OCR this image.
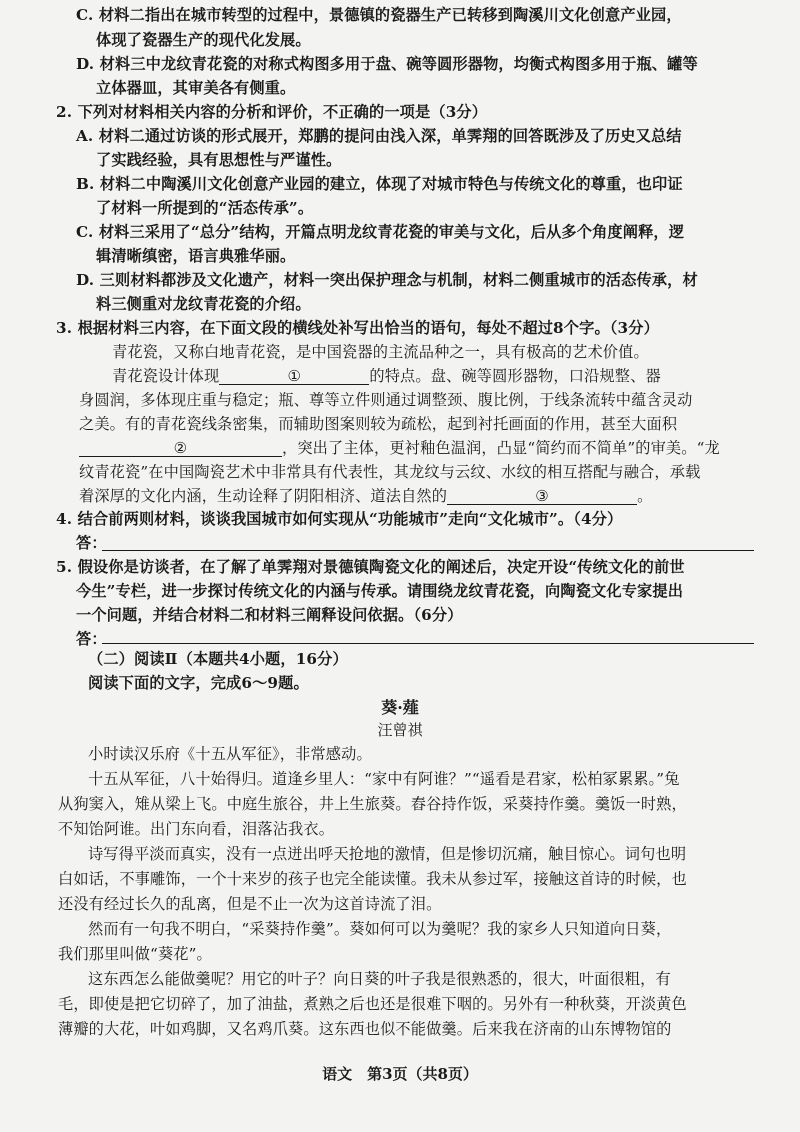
C. 材料二指出在城市转型的过程中，景德镇的瓷器生产已转移到陶溪川文化创意产业园，
体现了瓷器生产的现代化发展。
D. 材料三中龙纹青花瓷的对称式构图多用于盘、碗等圆形器物，均衡式构图多用于瓶、罐等
立体器皿，其审美各有侧重。
2. 下列对材料相关内容的分析和评价，不正确的一项是（3分）
A. 材料二通过访谈的形式展开，郑鹏的提问由浅入深，单霁翔的回答既涉及了历史又总结
了实践经验，具有思想性与严谨性。
B. 材料二中陶溪川文化创意产业园的建立，体现了对城市特色与传统文化的尊重，也印证
了材料一所提到的“活态传承”。
C. 材料三采用了“总分”结构，开篇点明龙纹青花瓷的审美与文化，后从多个角度阐释，逻
辑清晰缜密，语言典雅华丽。
D. 三则材料都涉及文化遗产，材料一突出保护理念与机制，材料二侧重城市的活态传承，材
料三侧重对龙纹青花瓷的介绍。
3. 根据材料三内容，在下面文段的横线处补写出恰当的语句，每处不超过8个字。（3分）
青花瓷，又称白地青花瓷，是中国瓷器的主流品种之一，具有极高的艺术价值。
青花瓷设计体现	①	的特点。盘、碗等圆形器物，口沿规整、器
身圆润，多体现庄重与稳定；瓶、尊等立件则通过调整颈、腹比例，于线条流转中蕴含灵动
之美。有的青花瓷线条密集，而辅助图案则较为疏松，起到衬托画面的作用，甚至大面积
②	，突出了主体，更衬釉色温润，凸显“简约而不简单”的审美。“龙
纹青花瓷”在中国陶瓷艺术中非常具有代表性，其龙纹与云纹、水纹的相互搭配与融合，承载
着深厚的文化内涵，生动诠释了阴阳相济、道法自然的	③	。
4. 结合前两则材料，谈谈我国城市如何实现从“功能城市”走向“文化城市”。（4分）
答：
5. 假设你是访谈者，在了解了单霁翔对景德镇陶瓷文化的阐述后，决定开设“传统文化的前世
今生”专栏，进一步探讨传统文化的内涵与传承。请围绕龙纹青花瓷，向陶瓷文化专家提出
一个问题，并结合材料二和材料三阐释设问依据。（6分）
答：
（二）阅读Ⅱ（本题共4小题，16分）
阅读下面的文字，完成6～9题。
葵·薤
汪曾祺
小时读汉乐府《十五从军征》，非常感动。
十五从军征，八十始得归。道逢乡里人：“家中有阿谁？”“遥看是君家，松柏冢累累。”兔
从狗窦入，雉从梁上飞。中庭生旅谷，井上生旅葵。舂谷持作饭，采葵持作羹。羹饭一时熟，
不知饴阿谁。出门东向看，泪落沾我衣。
诗写得平淡而真实，没有一点迸出呼天抢地的激情，但是惨切沉痛，触目惊心。词句也明
白如话，不事雕饰，一个十来岁的孩子也完全能读懂。我未从参过军，接触这首诗的时候，也
还没有经过长久的乱离，但是不止一次为这首诗流了泪。
然而有一句我不明白，“采葵持作羹”。葵如何可以为羹呢？我的家乡人只知道向日葵，
我们那里叫做“葵花”。
这东西怎么能做羹呢？用它的叶子？向日葵的叶子我是很熟悉的，很大，叶面很粗，有
毛，即使是把它切碎了，加了油盐，煮熟之后也还是很难下咽的。另外有一种秋葵，开淡黄色
薄瓣的大花，叶如鸡脚，又名鸡爪葵。这东西也似不能做羹。后来我在济南的山东博物馆的
语文　第3页（共8页）
